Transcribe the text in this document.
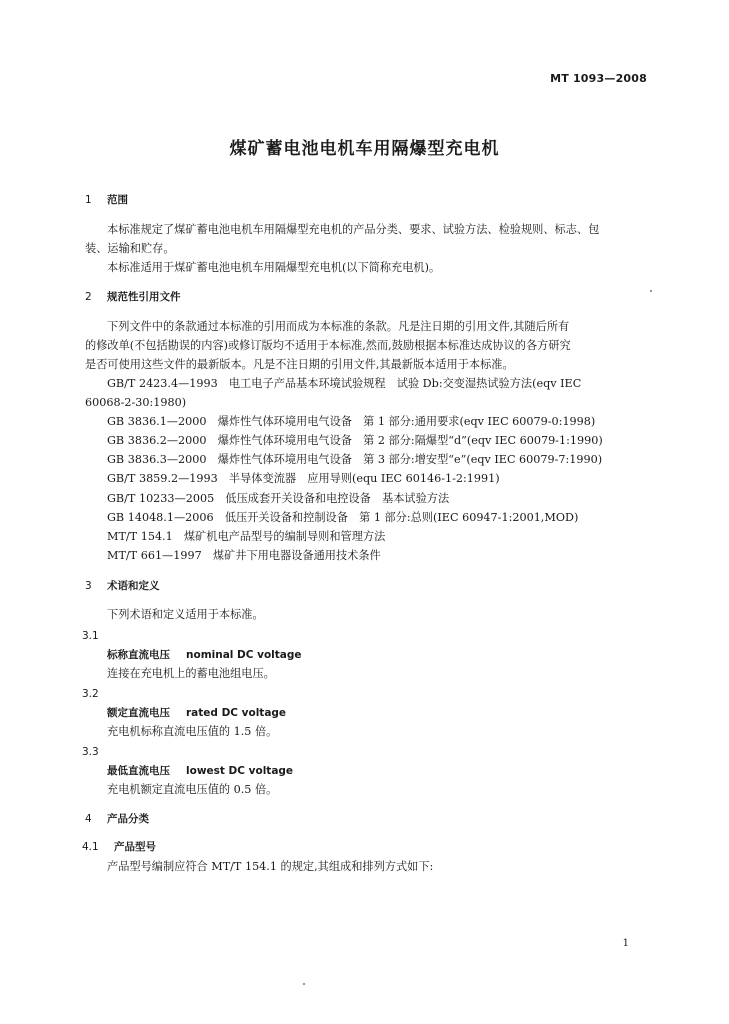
MT 1093—2008
煤矿蓄电池电机车用隔爆型充电机
1 范围
本标准规定了煤矿蓄电池电机车用隔爆型充电机的产品分类、要求、试验方法、检验规则、标志、包
装、运输和贮存。
本标准适用于煤矿蓄电池电机车用隔爆型充电机(以下简称充电机)。
2 规范性引用文件
下列文件中的条款通过本标准的引用而成为本标准的条款。凡是注日期的引用文件,其随后所有
的修改单(不包括勘误的内容)或修订版均不适用于本标准,然而,鼓励根据本标准达成协议的各方研究
是否可使用这些文件的最新版本。凡是不注日期的引用文件,其最新版本适用于本标准。
GB/T 2423.4—1993　电工电子产品基本环境试验规程　试验 Db:交变湿热试验方法(eqv IEC
60068-2-30:1980)
GB 3836.1—2000　爆炸性气体环境用电气设备　第 1 部分:通用要求(eqv IEC 60079-0:1998)
GB 3836.2—2000　爆炸性气体环境用电气设备　第 2 部分:隔爆型“d”(eqv IEC 60079-1:1990)
GB 3836.3—2000　爆炸性气体环境用电气设备　第 3 部分:增安型“e”(eqv IEC 60079-7:1990)
GB/T 3859.2—1993　半导体变流器　应用导则(equ IEC 60146-1-2:1991)
GB/T 10233—2005　低压成套开关设备和电控设备　基本试验方法
GB 14048.1—2006　低压开关设备和控制设备　第 1 部分:总则(IEC 60947-1:2001,MOD)
MT/T 154.1　煤矿机电产品型号的编制导则和管理方法
MT/T 661—1997　煤矿井下用电器设备通用技术条件
3 术语和定义
下列术语和定义适用于本标准。
3.1
标称直流电压 nominal DC voltage
连接在充电机上的蓄电池组电压。
3.2
额定直流电压 rated DC voltage
充电机标称直流电压值的 1.5 倍。
3.3
最低直流电压 lowest DC voltage
充电机额定直流电压值的 0.5 倍。
4 产品分类
4.1 产品型号
产品型号编制应符合 MT/T 154.1 的规定,其组成和排列方式如下:
1
